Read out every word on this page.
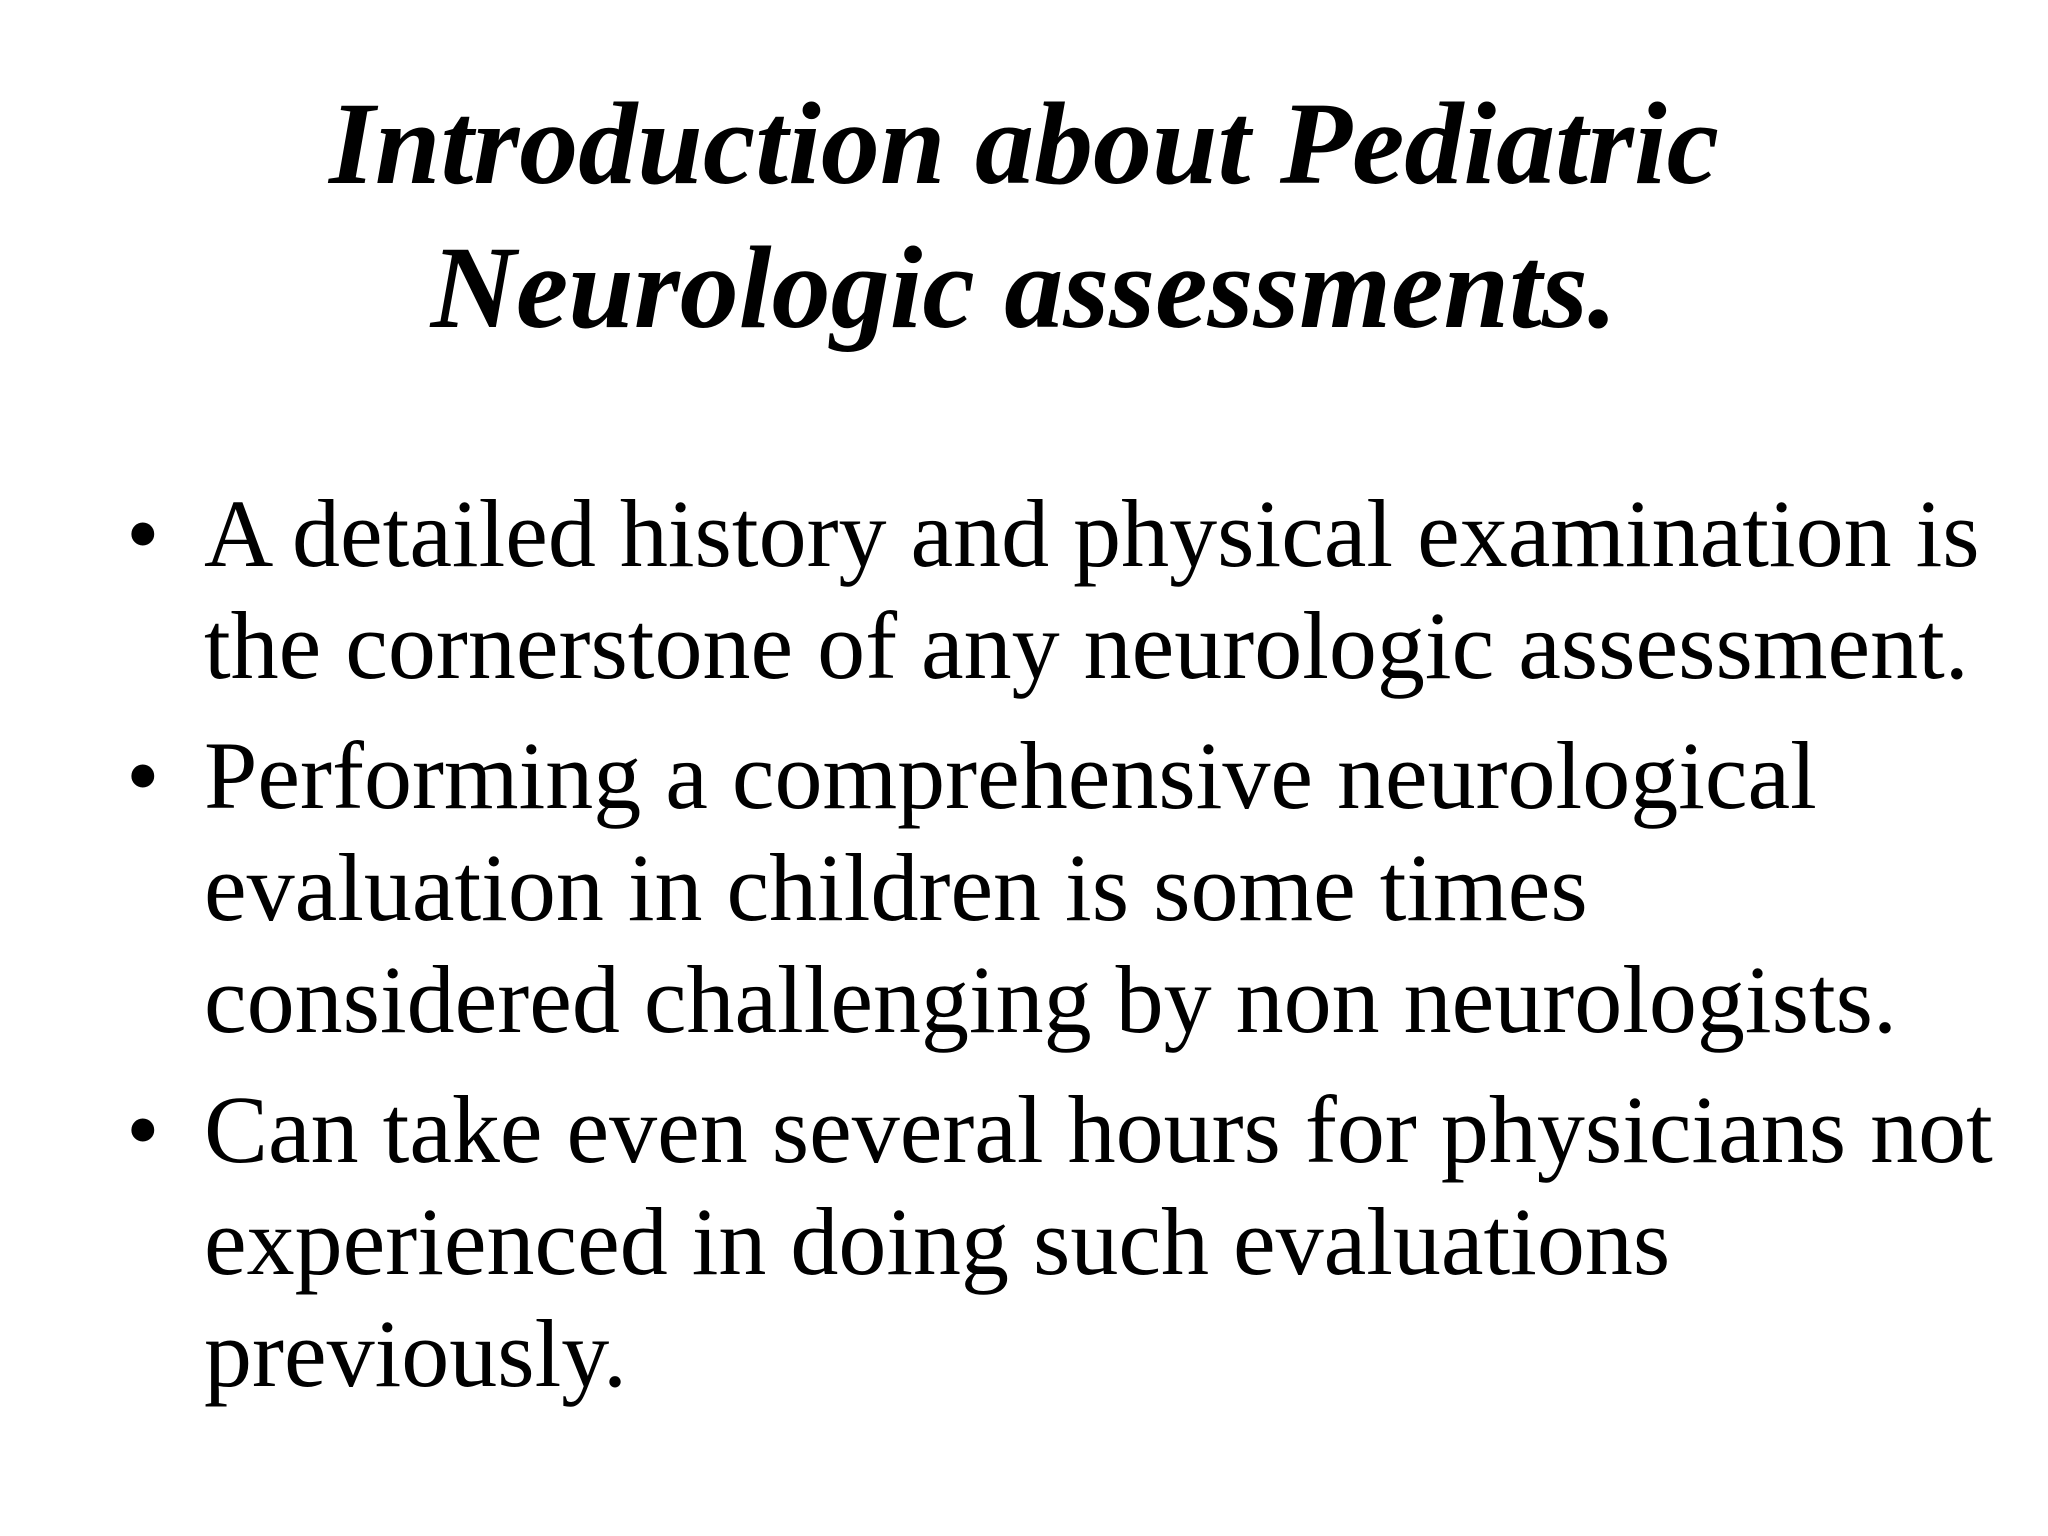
Introduction about Pediatric
Neurologic assessments.
• A detailed history and physical examination is
the cornerstone of any neurologic assessment.
• Performing a comprehensive neurological
evaluation in children is some times
considered challenging by non neurologists.
• Can take even several hours for physicians not
experienced in doing such evaluations
previously.
